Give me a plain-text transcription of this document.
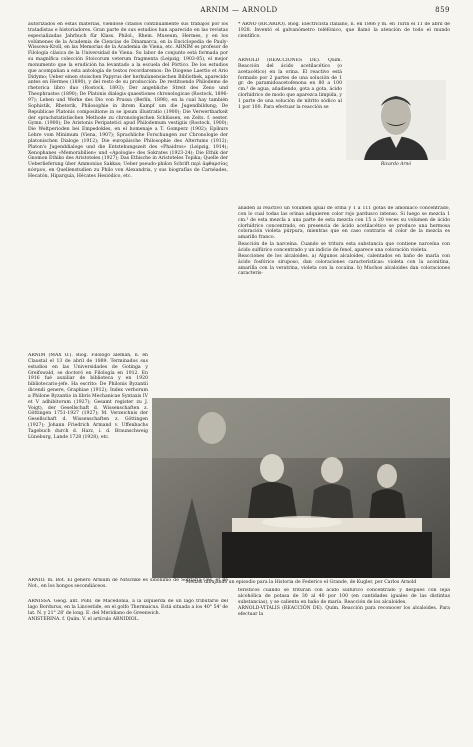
ARNIM — ARNOLD	859

autorizados en estas materias, viéndose citados continuamente sus trabajos por los tratadistas e historiadores. Gran parte de sus estudios han aparecido en las revistas especializadas Jahrbuch für Klass. Philol., Rhein. Museum, Hermes, y en los volúmenes de la Academia de Ciencias de Dinamarca, en la Enciclopedia de Pauly-Wissowa-Kroll, en las Memorias de la Academia de Viena, etc. ARNIM es profesor de Filología clásica de la Universidad de Viena. Su labor de conjunto está formada por su magnífica colección Stoicorum veterum fragmenta (Leipzig, 1903-05), el mejor monumento que la erudición ha levantado a la escuela del Pórtico. De los estudios que acompañan a esta antología de textos recordaremos: De Diogene Laertio et Ario Didymo; Ueber einen stoischen Papyrus der herkulanensischen Bibliothek, aparecido antes en Hermes (1890), y del resto de su producción: De restituendo Philodemo de rhetorica libro duo (Rostock, 1893); Der angebliche Streit des Zeno und Theophrastos (1890); De Platonis dialogis quaestiones chronologicae (Rostock, 1896-97); Leben und Werke des Dio von Prussa (Berlín, 1898), en la cual hay también Sophistik, Rhetorik, Philosophie in ihrem Kampf um die Jugendbildung; De Republicae Platonis compositione in se ipsum illustratio (1900); Die Verwertbarkeit der sprachstatistischen Methode zu chronologischen Schlüssen, en Zeits. f. oester. Gymn. (1900); De Aristonis Peripatetici apud Philodemum vestigiis (Rostock, 1900); Die Weltperioden bei Empedokles, en el homenaje a T. Gomperz (1902); Epikurs Lehre vom Minimum (Viena, 1907); Sprachliche Forschungen zur Chronologie der platonischen Dialoge (1912); Die europäische Philosophie des Altertums (1912); Platon's Jugenddialoge und die Entstehungszeit des «Phaidros» (Leipzig, 1914); Xenophanes «Memorabilien» und «Apologie» des Sokrates (1923-24); Die Ethik der Gnomon Ethiko des Aristoteles (1927); Das Ethische in Aristoteles Topika; Quelle der Ueberlieferung über Ammonius Sakkas; Ueber pseudo-philon Schrift περὶ ἀφθαρσίας κόσμου, en Quellenstudien zu Philo von Alexandria, y sus biografías de Carnéades, Hecatón, Hiparquía, Hécates Hesiódico, etc.

ARNIM (MAX O.). Biog. Filólogo alemán, n. en Claustal el 13 de abril de 1889. Terminados sus estudios en las Universidades de Gotinga y Greifswald, se doctoró en Filología en 1912. En 1916 fué auxiliar de biblioteca y en 1920 bibliotecario-jefe. Ha escrito: De Philonis Byzantii dicendi genere, Graphiae (1912); Index verborum a Philone Byzantio in libris Mechanicae Syntaxis IV et V adhibitorum (1927); Gesamt register zu J. Voigt), der Gesellschaft d. Wissenschaften z. Göttingen 1751-1927 (1927); M. Verzeichnis der Gesellschaft d. Wissenschaften z. Göttingen (1927); Johann Friedrich Armand v. Uffenbachs Tagebuch durch d. Harz, i. d. Braunschweig Lüneburg, Lande 1728 (1928), etc.

ARNIO. m. Bot. El género Arnium de Nitschke es sinónimo de Sordaria Ces. et de Not., en los hongos secondiáceos.

ARNISSA. Geog. ant. Pobl. de Macedonia, a la izquierda de un lago tributario del lago Bordurus, en la Lincestide, en el golfo Thermaicus. Está situada a los 40° 54' de lat. N. y 21° 28' de long. E. del Meridiano de Greenwich.

ANISTERINA. f. Quím. V. el artículo ARNIDIOL.

* ARNÓ (RICARDO). Biog. Electricista italiano, n. en 1866 y m. en Turín el 11 de abril de 1928. Inventó el galvanómetro teléfónico, que llamó la atención de todo el mundo científico.

ARNOLD (REACCIONES DE). Quím. Reacción del ácido acetilacético (o acetacético) en la orina. El reactivo está formado por 2 partes de una solución de 1 gr. de paramidoacetofenona en 80 a 100 cm.³ de agua, añadiendo, gota a gota, ácido clorhídrico de modo que aparezca limpida, y 1 parte de una solución de nitrito sódico al 1 por 100. Para efectuar la reacción se

Ricardo Arnó

añaden al reactivo un volumen igual de orina y 1 a 111 gotas de amoníaco concentrado, con lo cual todas las orinas adquieren color rojo pardusco intenso. Si luego se mezcla 1 cm.³ de esta mezcla a una parte de esta mezcla con 15 a 20 veces su volumen de ácido clorhídrico concentrado, en presencia de ácido acetilacético se produce una hermosa coloración violeta púrpura, mientras que en caso contrario el color de la mezcla es amarillo franco.

Reacción de la narceína. Cuando se tritura esta substancia que contiene narceína con ácido sulfúrico concentrado y un indicio de fenol, aparece una coloración violeta.

Reacciones de los alcaloides. a) Algunos alcaloides, calentados en baño de maría con ácido fosfórico siruposo, dan coloraciones características: violeta con la aconitina, amarilla con la veratrina, violeta con la cocaína. b) Muchos alcaloides dan coloraciones caracterís-

Menzel dibujando un episodio para la Historia de Federico el Grande, de Kugler, por Carlos Arnold

terísticos cuando se trituran con ácido sulfúrico concentrado y después con lejía alcohólica de potasa de 30 al 40 por 100 (en cantidades iguales de las distintas substancias), y se calienta en baño de maría. Reacción de los alcaloides.

ARNOLD-VITALIS (REACCIÓN DE). Quím. Reacción para reconocer los alcaloides. Para efectuar la
